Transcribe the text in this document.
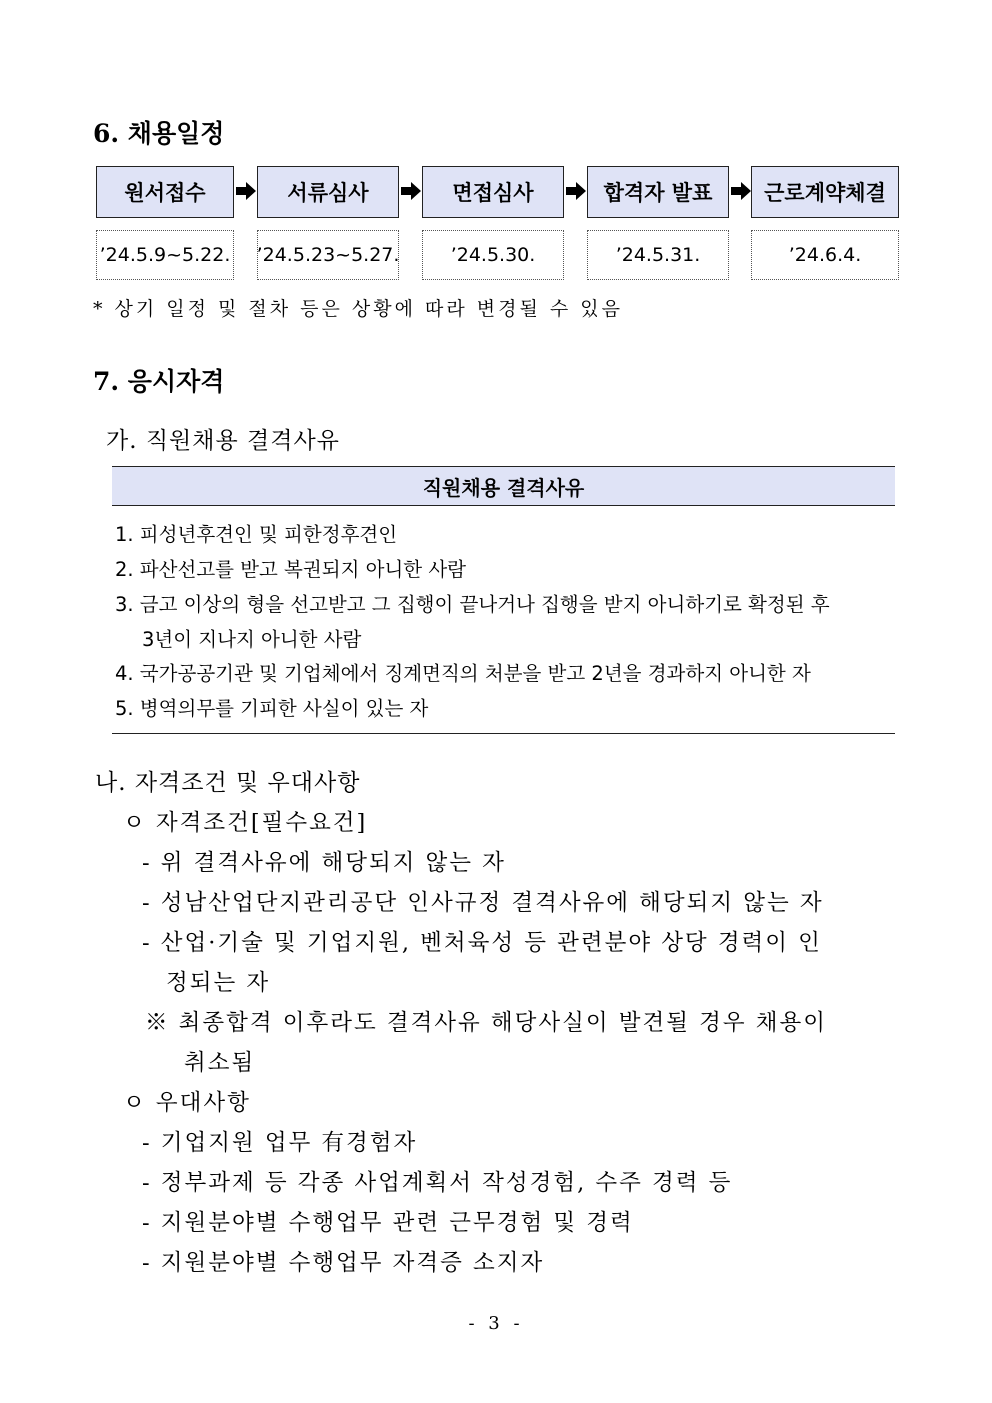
6. 채용일정
원서접수	서류심사	면접심사	합격자 발표	근로계약체결
’24.5.9~5.22. ’24.5.23~5.27.	’24.5.30.	’24.5.31.	’24.6.4.
* 상기 일정 및 절차 등은 상황에 따라 변경될 수 있음
7. 응시자격
가. 직원채용 결격사유
직원채용 결격사유
1. 피성년후견인 및 피한정후견인
2. 파산선고를 받고 복권되지 아니한 사람
3. 금고 이상의 형을 선고받고 그 집행이 끝나거나 집행을 받지 아니하기로 확정된 후
3년이 지나지 아니한 사람
4. 국가공공기관 및 기업체에서 징계면직의 처분을 받고 2년을 경과하지 아니한 자
5. 병역의무를 기피한 사실이 있는 자
나. 자격조건 및 우대사항
ㅇ 자격조건[필수요건]
- 위 결격사유에 해당되지 않는 자
- 성남산업단지관리공단 인사규정 결격사유에 해당되지 않는 자
- 산업·기술 및 기업지원, 벤처육성 등 관련분야 상당 경력이 인
정되는 자
※ 최종합격 이후라도 결격사유 해당사실이 발견될 경우 채용이
취소됨
ㅇ 우대사항
- 기업지원 업무 有경험자
- 정부과제 등 각종 사업계획서 작성경험, 수주 경력 등
- 지원분야별 수행업무 관련 근무경험 및 경력
- 지원분야별 수행업무 자격증 소지자
- 3 -
